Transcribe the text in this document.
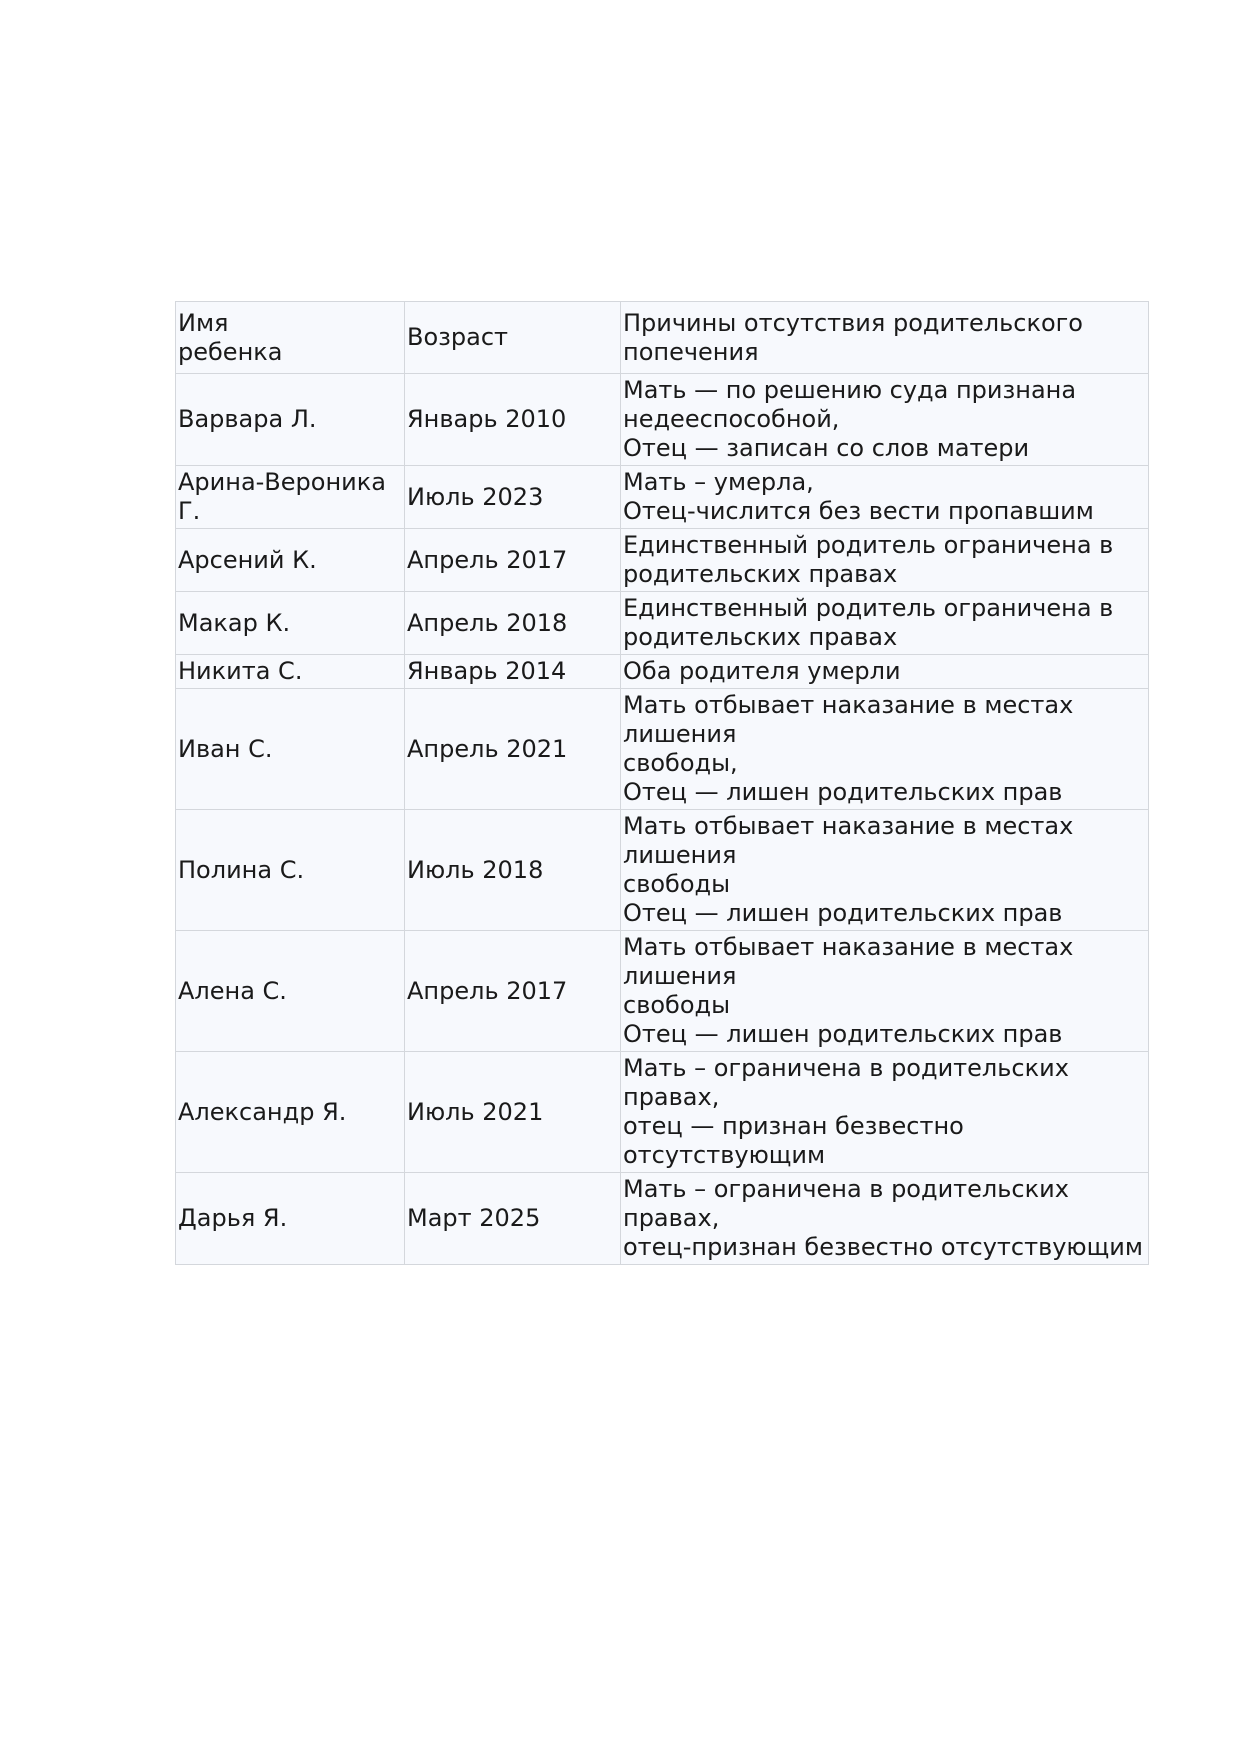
Имя
ребенка	Возраст	Причины отсутствия родительского
попечения
Варвара Л.	Январь 2010	Мать — по решению суда признана
недееспособной,
Отец — записан со слов матери
Арина-Вероника Г.	Июль 2023	Мать – умерла,
Отец-числится без вести пропавшим
Арсений К.	Апрель 2017	Единственный родитель ограничена в
родительских правах
Макар К.	Апрель 2018	Единственный родитель ограничена в
родительских правах
Никита С.	Январь 2014	Оба родителя умерли
Иван С.	Апрель 2021	Мать отбывает наказание в местах лишения
свободы,
Отец — лишен родительских прав
Полина С.	Июль 2018	Мать отбывает наказание в местах лишения
свободы
Отец — лишен родительских прав
Алена С.	Апрель 2017	Мать отбывает наказание в местах лишения
свободы
Отец — лишен родительских прав
Александр Я.	Июль 2021	Мать – ограничена в родительских правах,
отец — признан безвестно отсутствующим
Дарья Я.	Март 2025	Мать – ограничена в родительских правах,
отец-признан безвестно отсутствующим
